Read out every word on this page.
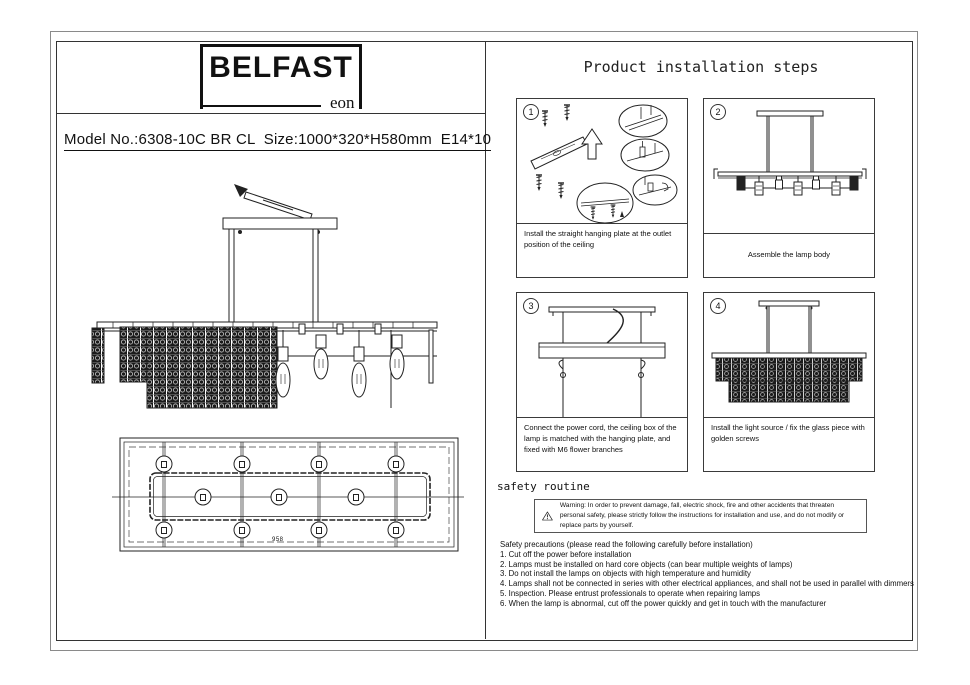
BELFAST
eon
Model No.:6308-10C BR CL  Size:1000*320*H580mm  E14*10
958
Product installation steps
1
Install the straight hanging plate at the outlet position of the ceiling
2
Assemble the lamp body
3
Connect the power cord, the ceiling box of the lamp is matched with the hanging plate, and fixed with M6 flower branches
4
Install the light source / fix the glass piece with golden screws
safety routine
Warning: In order to prevent damage, fall, electric shock, fire and other accidents that threaten personal safety, please strictly follow the instructions for installation and use, and do not modify or replace parts by yourself.
Safety precautions (please read the following carefully before installation)
1. Cut off the power before installation
2. Lamps must be installed on hard core objects (can bear multiple weights of lamps)
3. Do not install the lamps on objects with high temperature and humidity
4. Lamps shall not be connected in series with other electrical appliances, and shall not be used in parallel with dimmers
5. Inspection. Please entrust professionals to operate when repairing lamps
6. When the lamp is abnormal, cut off the power quickly and get in touch with the manufacturer
